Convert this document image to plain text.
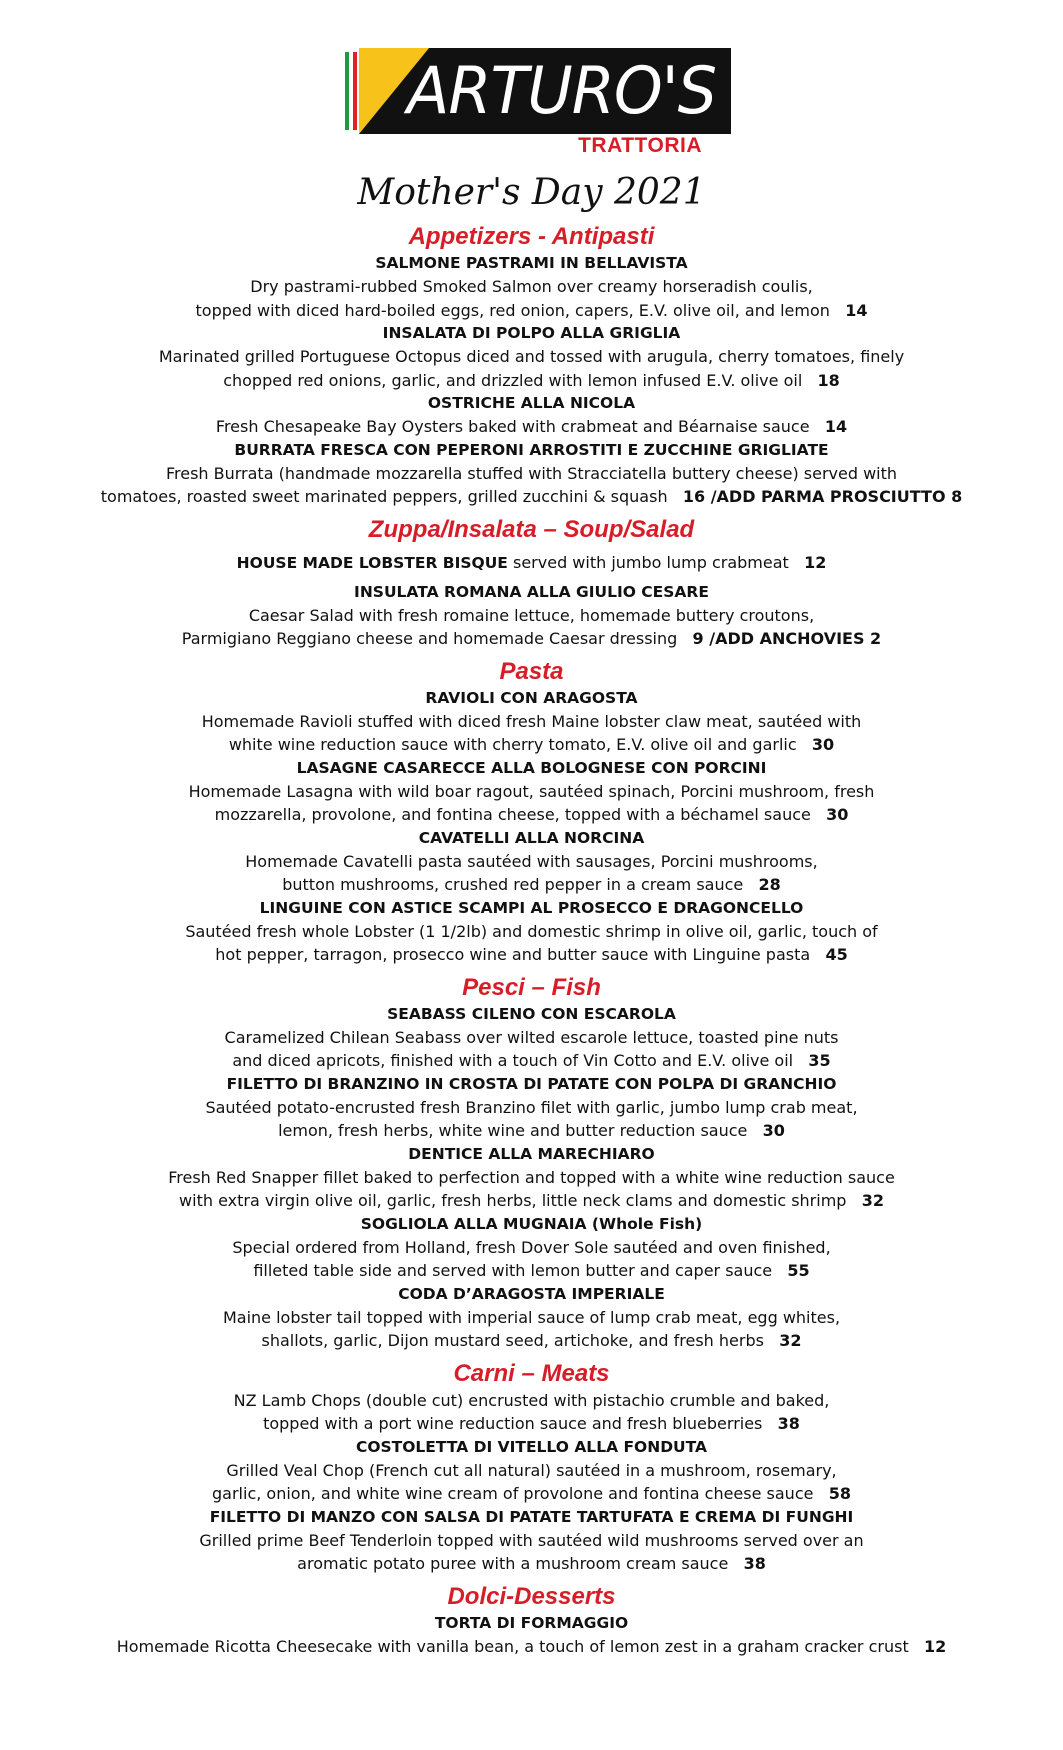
ARTURO'S
TRATTORIA
Mother's Day 2021
Appetizers - Antipasti
SALMONE PASTRAMI IN BELLAVISTA
Dry pastrami-rubbed Smoked Salmon over creamy horseradish coulis,
topped with diced hard-boiled eggs, red onion, capers, E.V. olive oil, and lemon 14
INSALATA DI POLPO ALLA GRIGLIA
Marinated grilled Portuguese Octopus diced and tossed with arugula, cherry tomatoes, finely
chopped red onions, garlic, and drizzled with lemon infused E.V. olive oil 18
OSTRICHE ALLA NICOLA
Fresh Chesapeake Bay Oysters baked with crabmeat and Béarnaise sauce 14
BURRATA FRESCA CON PEPERONI ARROSTITI E ZUCCHINE GRIGLIATE
Fresh Burrata (handmade mozzarella stuffed with Stracciatella buttery cheese) served with
tomatoes, roasted sweet marinated peppers, grilled zucchini & squash 16 /ADD PARMA PROSCIUTTO 8
Zuppa/Insalata – Soup/Salad
HOUSE MADE LOBSTER BISQUE served with jumbo lump crabmeat 12
INSULATA ROMANA ALLA GIULIO CESARE
Caesar Salad with fresh romaine lettuce, homemade buttery croutons,
Parmigiano Reggiano cheese and homemade Caesar dressing 9 /ADD ANCHOVIES 2
Pasta
RAVIOLI CON ARAGOSTA
Homemade Ravioli stuffed with diced fresh Maine lobster claw meat, sautéed with
white wine reduction sauce with cherry tomato, E.V. olive oil and garlic 30
LASAGNE CASARECCE ALLA BOLOGNESE CON PORCINI
Homemade Lasagna with wild boar ragout, sautéed spinach, Porcini mushroom, fresh
mozzarella, provolone, and fontina cheese, topped with a béchamel sauce 30
CAVATELLI ALLA NORCINA
Homemade Cavatelli pasta sautéed with sausages, Porcini mushrooms,
button mushrooms, crushed red pepper in a cream sauce 28
LINGUINE CON ASTICE SCAMPI AL PROSECCO E DRAGONCELLO
Sautéed fresh whole Lobster (1 1/2lb) and domestic shrimp in olive oil, garlic, touch of
hot pepper, tarragon, prosecco wine and butter sauce with Linguine pasta 45
Pesci – Fish
SEABASS CILENO CON ESCAROLA
Caramelized Chilean Seabass over wilted escarole lettuce, toasted pine nuts
and diced apricots, finished with a touch of Vin Cotto and E.V. olive oil 35
FILETTO DI BRANZINO IN CROSTA DI PATATE CON POLPA DI GRANCHIO
Sautéed potato-encrusted fresh Branzino filet with garlic, jumbo lump crab meat,
lemon, fresh herbs, white wine and butter reduction sauce 30
DENTICE ALLA MARECHIARO
Fresh Red Snapper fillet baked to perfection and topped with a white wine reduction sauce
with extra virgin olive oil, garlic, fresh herbs, little neck clams and domestic shrimp 32
SOGLIOLA ALLA MUGNAIA (Whole Fish)
Special ordered from Holland, fresh Dover Sole sautéed and oven finished,
filleted table side and served with lemon butter and caper sauce 55
CODA D’ARAGOSTA IMPERIALE
Maine lobster tail topped with imperial sauce of lump crab meat, egg whites,
shallots, garlic, Dijon mustard seed, artichoke, and fresh herbs 32
Carni – Meats
NZ Lamb Chops (double cut) encrusted with pistachio crumble and baked,
topped with a port wine reduction sauce and fresh blueberries 38
COSTOLETTA DI VITELLO ALLA FONDUTA
Grilled Veal Chop (French cut all natural) sautéed in a mushroom, rosemary,
garlic, onion, and white wine cream of provolone and fontina cheese sauce 58
FILETTO DI MANZO CON SALSA DI PATATE TARTUFATA E CREMA DI FUNGHI
Grilled prime Beef Tenderloin topped with sautéed wild mushrooms served over an
aromatic potato puree with a mushroom cream sauce 38
Dolci-Desserts
TORTA DI FORMAGGIO
Homemade Ricotta Cheesecake with vanilla bean, a touch of lemon zest in a graham cracker crust 12
